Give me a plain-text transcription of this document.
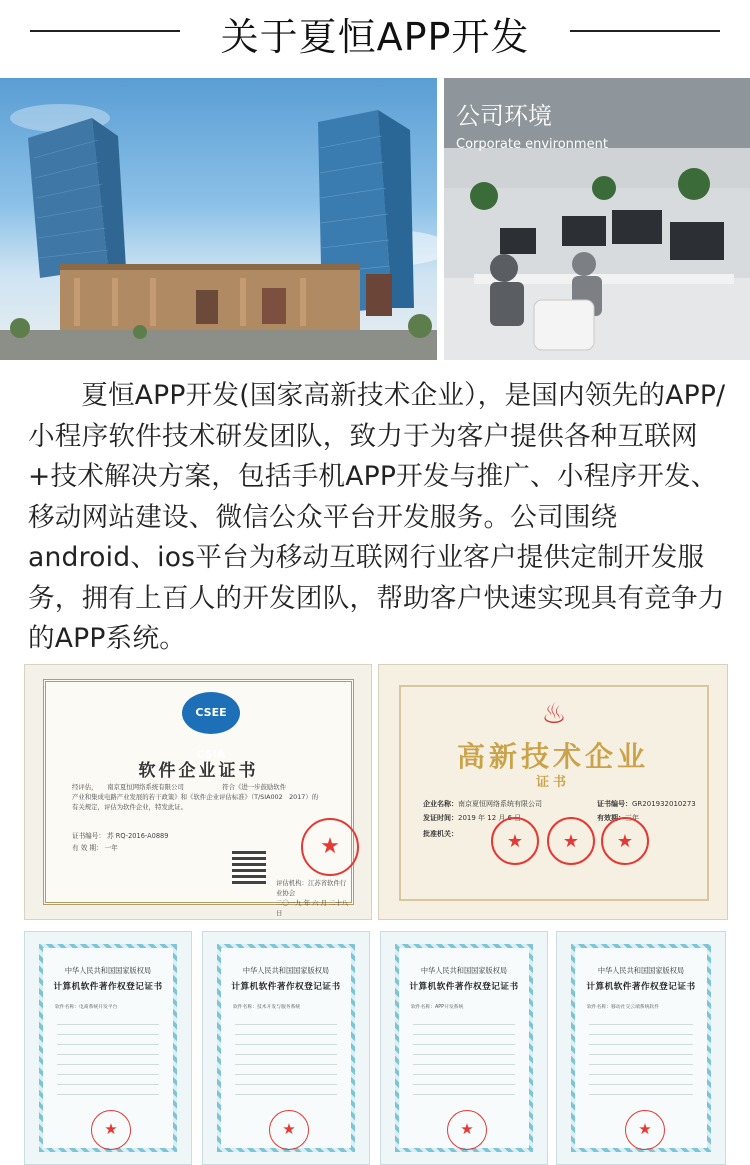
关于夏恒APP开发
公司环境
Corporate environment

夏恒APP开发(国家高新技术企业），是国内领先的APP/小程序软件技术研发团队，致力于为客户提供各种互联网+技术解决方案，包括手机APP开发与推广、小程序开发、移动网站建设、微信公众平台开发服务。公司围绕android、ios平台为移动互联网行业客户提供定制开发服务，拥有上百人的开发团队，帮助客户快速实现具有竞争力的APP系统。

CSEE CSIA
软件企业证书
经评估，　　南京夏恒网络系统有限公司　　　　　　符合《进一步鼓励软件
产业和集成电路产业发展的若干政策》和《软件企业评估标准》（T/SIA002　2017）的
有关规定，评估为软件企业，特发此证。
证书编号： 苏 RQ-2016-A0889
有 效 期： 一年	★
评估机构：江苏省软件行业协会
二〇一九 年 六 月 二十八 日
♨
高新技术企业
证书
企业名称：南京夏恒网络系统有限公司	证书编号：GR201932010273
发证时间：2019 年 12 月 6 日	有效期：三年
批准机关：	★	★	★
中华人民共和国国家版权局
计算机软件著作权登记证书
软件名称：电商系统开发平台
★
中华人民共和国国家版权局
计算机软件著作权登记证书
软件名称：技术开发与服务系统
★
中华人民共和国国家版权局
计算机软件著作权登记证书
软件名称：APP开发系统
★
中华人民共和国国家版权局
计算机软件著作权登记证书
软件名称：移动社交云端系统软件
★
